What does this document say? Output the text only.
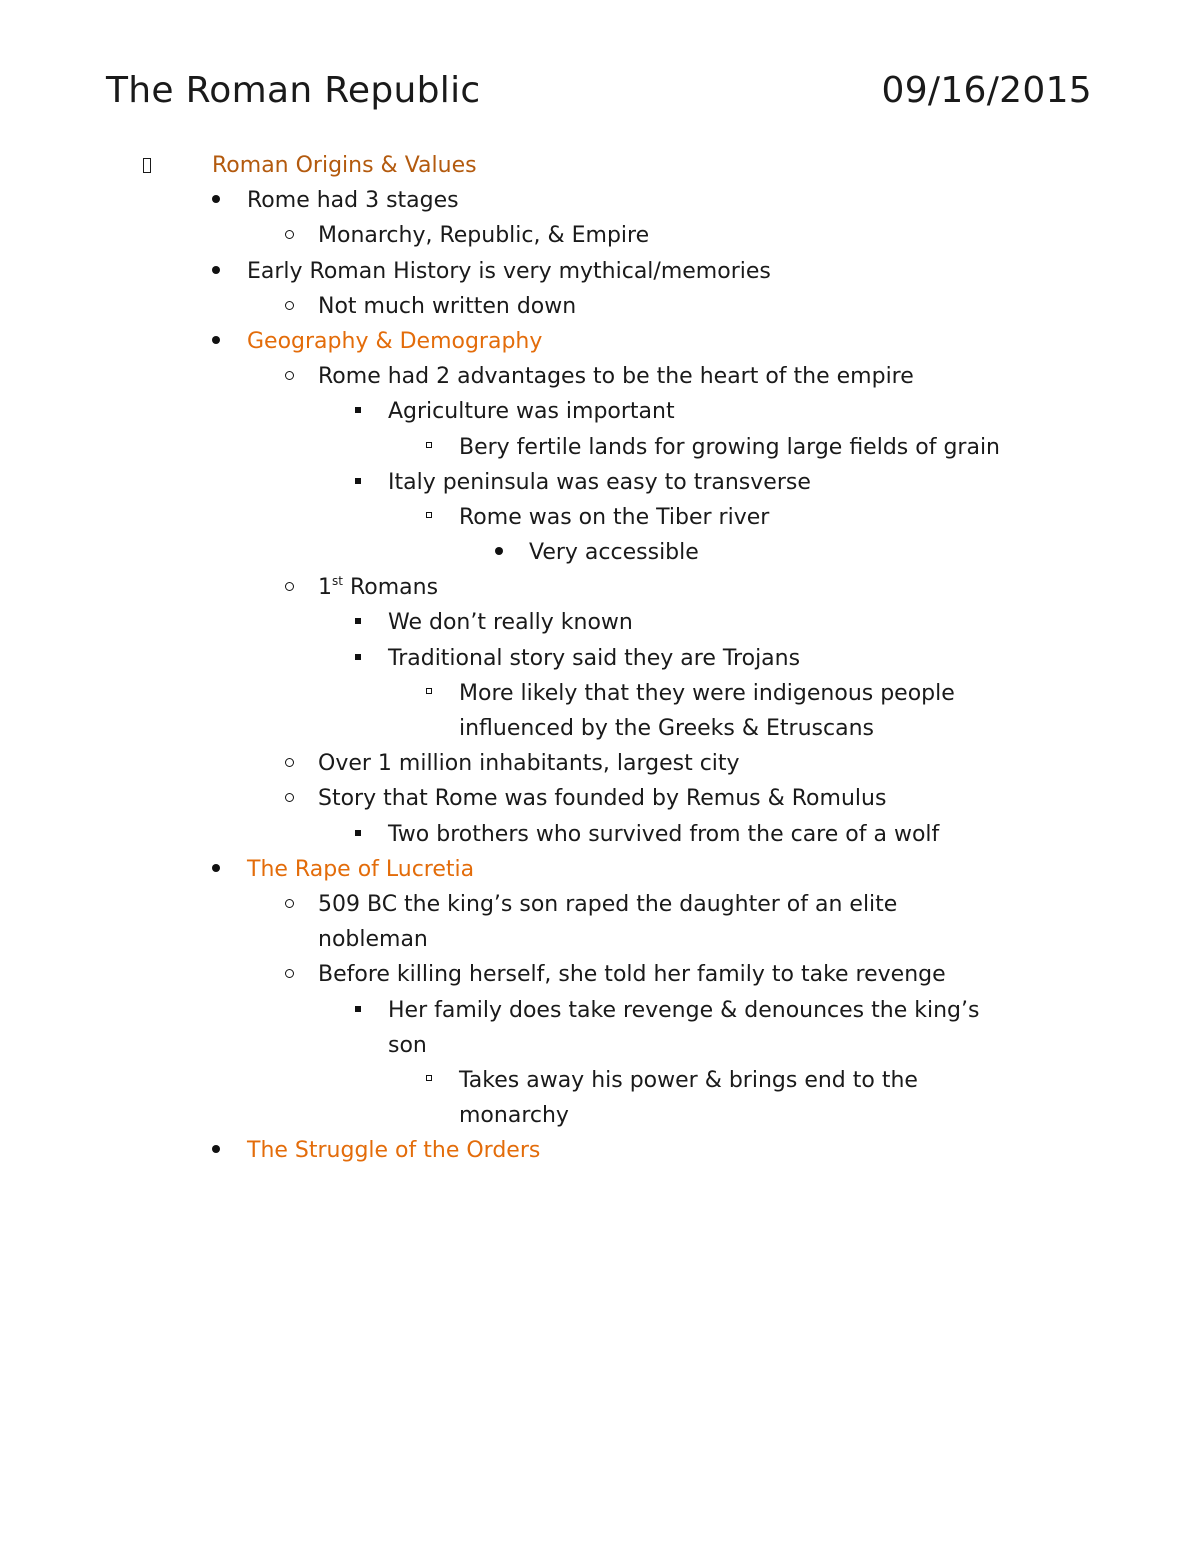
The Roman Republic	09/16/2015
Roman Origins & Values
Rome had 3 stages
Monarchy, Republic, & Empire
Early Roman History is very mythical/memories
Not much written down
Geography & Demography
Rome had 2 advantages to be the heart of the empire
Agriculture was important
Bery fertile lands for growing large fields of grain
Italy peninsula was easy to transverse
Rome was on the Tiber river
Very accessible
1st Romans
We don’t really known
Traditional story said they are Trojans
More likely that they were indigenous people
influenced by the Greeks & Etruscans
Over 1 million inhabitants, largest city
Story that Rome was founded by Remus & Romulus
Two brothers who survived from the care of a wolf
The Rape of Lucretia
509 BC the king’s son raped the daughter of an elite
nobleman
Before killing herself, she told her family to take revenge
Her family does take revenge & denounces the king’s
son
Takes away his power & brings end to the
monarchy
The Struggle of the Orders
